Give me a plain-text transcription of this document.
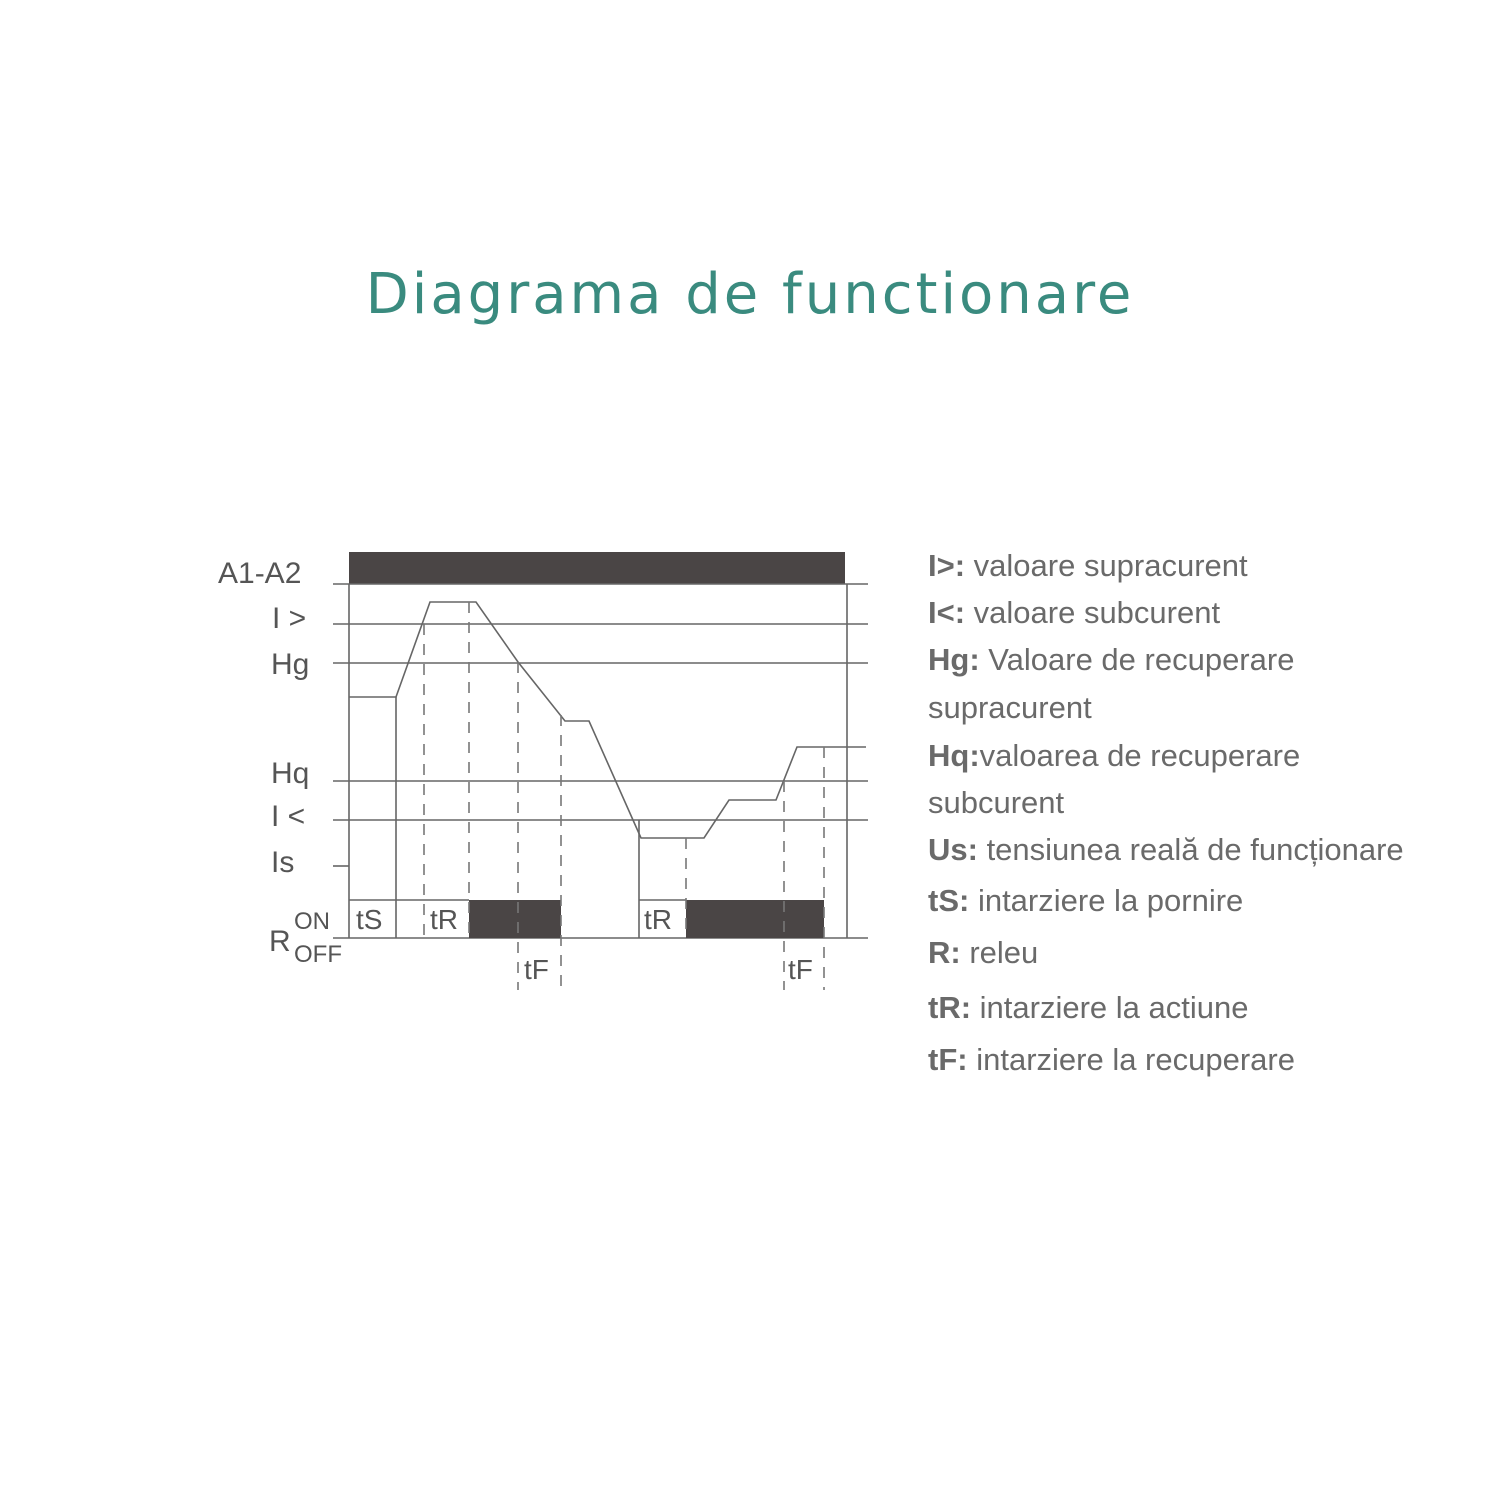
Diagrama de functionare
A1-A2
I >
Hg
Hq
I <
Is
R
ON
OFF
tS tR
tF
tR
tF
I>: valoare supracurent
I<: valoare subcurent
Hg: Valoare de recuperare
supracurent
Hq:valoarea de recuperare
subcurent
Us: tensiunea reală de funcționare
tS: intarziere la pornire
R: releu
tR: intarziere la actiune
tF: intarziere la recuperare
